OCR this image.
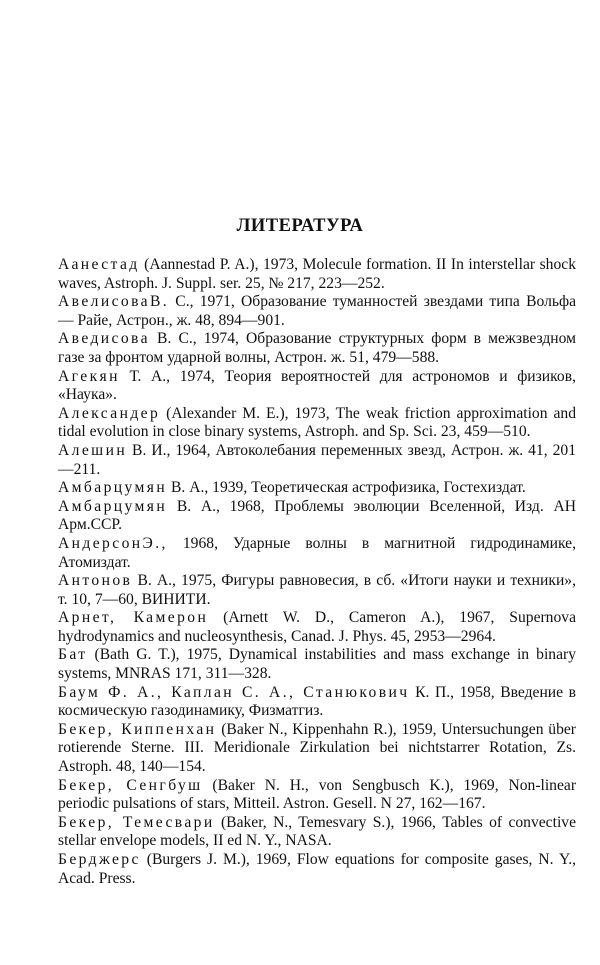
ЛИТЕРАТУРА
Аанестад (Aannestad P. A.), 1973, Molecule formation. II In interstellar shock waves, Astroph. J. Suppl. ser. 25, № 217, 223—252.
АвелисоваВ. С., 1971, Образование туманностей звездами типа Вольфа — Райе, Астрон., ж. 48, 894—901.
Аведисова В. С., 1974, Образование структурных форм в межзвездном газе за фронтом ударной волны, Астрон. ж. 51, 479—588.
Агекян Т. А., 1974, Теория вероятностей для астрономов и физиков, «Наука».
Александер (Alexander M. E.), 1973, The weak friction approximation and tidal evolution in close binary systems, Astroph. and Sp. Sci. 23, 459—510.
Алешин В. И., 1964, Автоколебания переменных звезд, Астрон. ж. 41, 201—211.
Амбарцумян В. А., 1939, Теоретическая астрофизика, Гостехиздат.
Амбарцумян В. А., 1968, Проблемы эволюции Вселенной, Изд. АН Арм.ССР.
АндерсонЭ., 1968, Ударные волны в магнитной гидродинамике, Атомиздат.
Антонов В. А., 1975, Фигуры равновесия, в сб. «Итоги науки и техники», т. 10, 7—60, ВИНИТИ.
Арнет, Камерон (Arnett W. D., Cameron A.), 1967, Supernova hydrodynamics and nucleosynthesis, Canad. J. Phys. 45, 2953—2964.
Бат (Bath G. T.), 1975, Dynamical instabilities and mass exchange in binary systems, MNRAS 171, 311—328.
Баум Ф. А., Каплан С. А., Станюкович К. П., 1958, Введение в космическую газодинамику, Физматгиз.
Бекер, Киппенхан (Baker N., Kippenhahn R.), 1959, Untersuchungen über rotierende Sterne. III. Meridionale Zirkulation bei nichtstarrer Rotation, Zs. Astroph. 48, 140—154.
Бекер, Сенгбуш (Baker N. H., von Sengbusch K.), 1969, Non-linear periodic pulsations of stars, Mitteil. Astron. Gesell. N 27, 162—167.
Бекер, Темесвари (Baker, N., Temesvary S.), 1966, Tables of convective stellar envelope models, II ed N. Y., NASA.
Берджерс (Burgers J. M.), 1969, Flow equations for composite gases, N. Y., Acad. Press.
